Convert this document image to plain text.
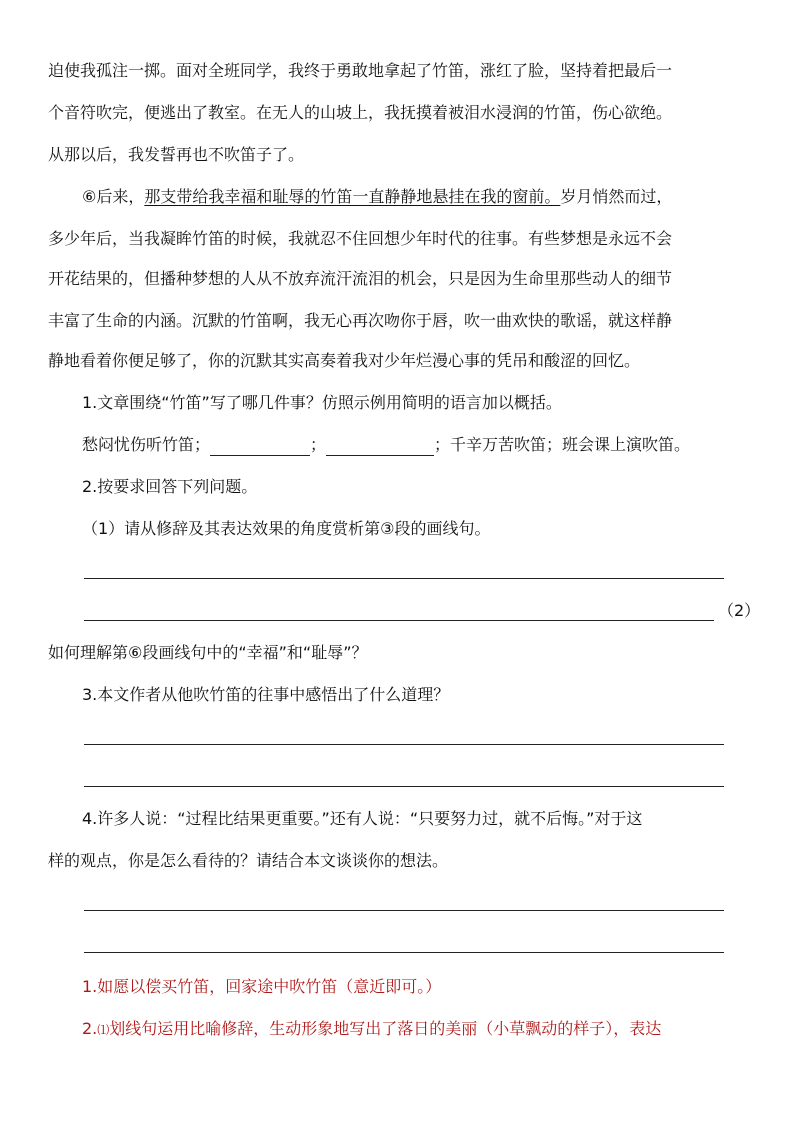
迫使我孤注一掷。面对全班同学，我终于勇敢地拿起了竹笛，涨红了脸，坚持着把最后一
个音符吹完，便逃出了教室。在无人的山坡上，我抚摸着被泪水浸润的竹笛，伤心欲绝。
从那以后，我发誓再也不吹笛子了。
⑥后来，那支带给我幸福和耻辱的竹笛一直静静地悬挂在我的窗前。岁月悄然而过，
多少年后，当我凝眸竹笛的时候，我就忍不住回想少年时代的往事。有些梦想是永远不会
开花结果的，但播种梦想的人从不放弃流汗流泪的机会，只是因为生命里那些动人的细节
丰富了生命的内涵。沉默的竹笛啊，我无心再次吻你于唇，吹一曲欢快的歌谣，就这样静
静地看着你便足够了，你的沉默其实高奏着我对少年烂漫心事的凭吊和酸涩的回忆。
1.文章围绕“竹笛”写了哪几件事？仿照示例用简明的语言加以概括。
愁闷忧伤听竹笛；	；	；千辛万苦吹笛；班会课上演吹笛。
2.按要求回答下列问题。
（1）请从修辞及其表达效果的角度赏析第③段的画线句。
（2）
如何理解第⑥段画线句中的“幸福”和“耻辱”？
3.本文作者从他吹竹笛的往事中感悟出了什么道理？
4.许多人说：“过程比结果更重要。”还有人说：“只要努力过，就不后悔。”对于这
样的观点，你是怎么看待的？请结合本文谈谈你的想法。
1.如愿以偿买竹笛，回家途中吹竹笛（意近即可。）
2.⑴划线句运用比喻修辞，生动形象地写出了落日的美丽（小草飘动的样子），表达
